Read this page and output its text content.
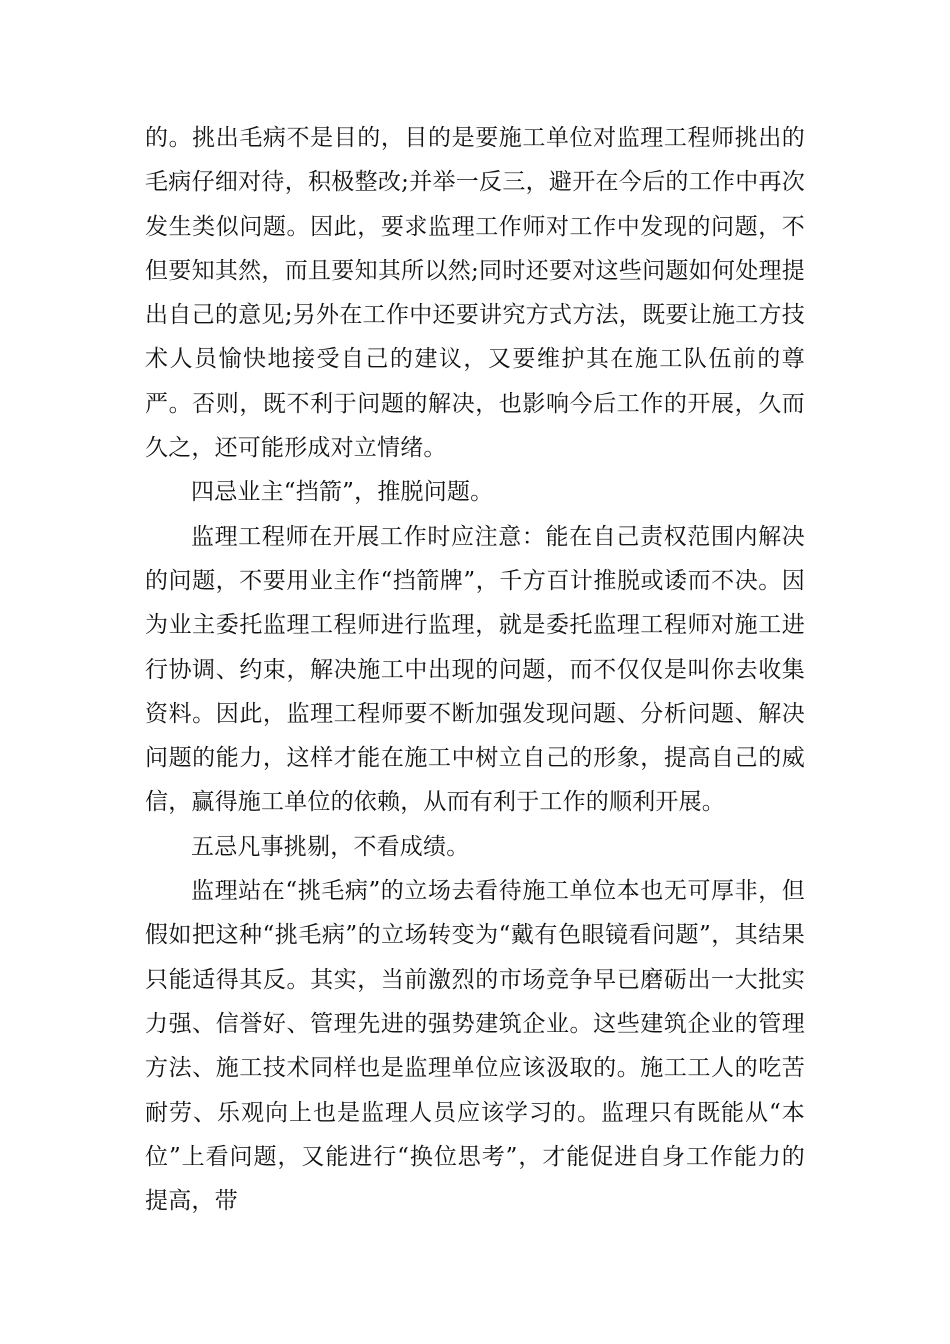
的。挑出毛病不是目的，目的是要施工单位对监理工程师挑出的毛病仔细对待，积极整改;并举一反三，避开在今后的工作中再次发生类似问题。因此，要求监理工作师对工作中发现的问题，不但要知其然，而且要知其所以然;同时还要对这些问题如何处理提出自己的意见;另外在工作中还要讲究方式方法，既要让施工方技术人员愉快地接受自己的建议，又要维护其在施工队伍前的尊严。否则，既不利于问题的解决，也影响今后工作的开展，久而久之，还可能形成对立情绪。

四忌业主“挡箭”，推脱问题。

监理工程师在开展工作时应注意：能在自己责权范围内解决的问题，不要用业主作“挡箭牌”，千方百计推脱或诿而不决。因为业主委托监理工程师进行监理，就是委托监理工程师对施工进行协调、约束，解决施工中出现的问题，而不仅仅是叫你去收集资料。因此，监理工程师要不断加强发现问题、分析问题、解决问题的能力，这样才能在施工中树立自己的形象，提高自己的威信，赢得施工单位的依赖，从而有利于工作的顺利开展。

五忌凡事挑剔，不看成绩。

监理站在“挑毛病”的立场去看待施工单位本也无可厚非，但假如把这种“挑毛病”的立场转变为“戴有色眼镜看问题”，其结果只能适得其反。其实，当前激烈的市场竞争早已磨砺出一大批实力强、信誉好、管理先进的强势建筑企业。这些建筑企业的管理方法、施工技术同样也是监理单位应该汲取的。施工工人的吃苦耐劳、乐观向上也是监理人员应该学习的。监理只有既能从“本位”上看问题，又能进行“换位思考”，才能促进自身工作能力的提高，带
